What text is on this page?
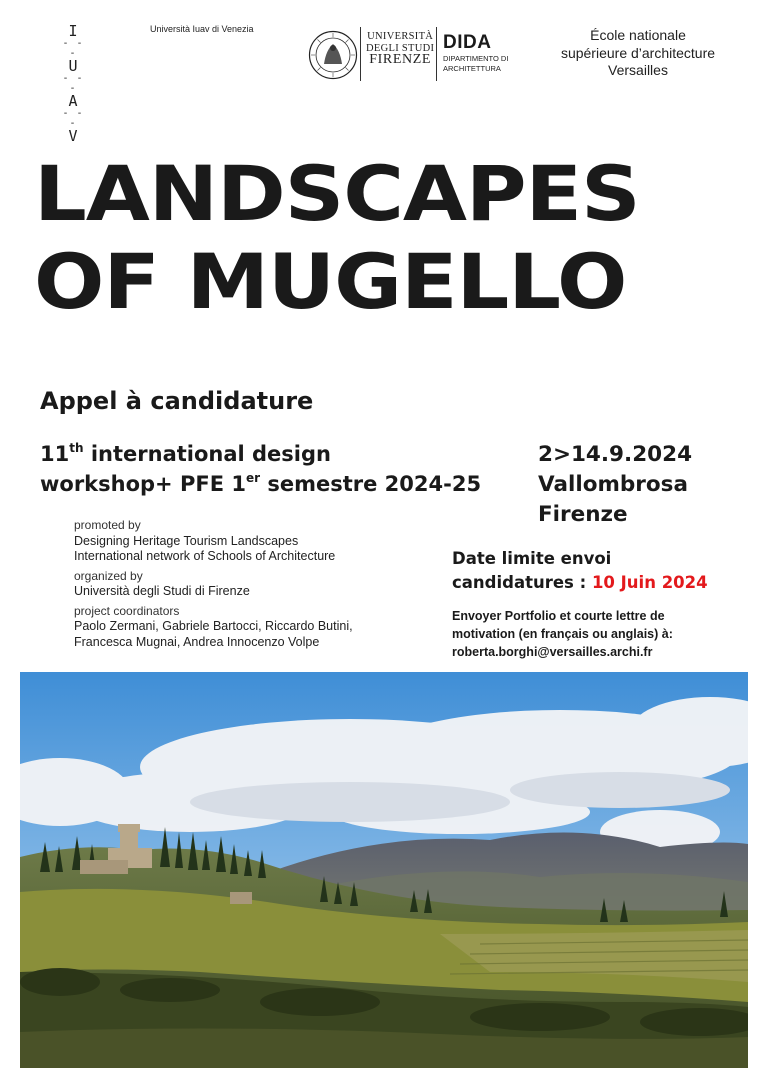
I
- - -
U
- - -
A
- - -
V
Università Iuav di Venezia
UNIVERSITÀ
DEGLI STUDI
FIRENZE
DIDA
DIPARTIMENTO DI
ARCHITETTURA
École nationale
supérieure d’architecture
Versailles
LANDSCAPES
OF MUGELLO
Appel à candidature
11th international design
workshop+ PFE 1er semestre 2024-25
2>14.9.2024
Vallombrosa
Firenze
promoted by
Designing Heritage Tourism Landscapes
International network of Schools of Architecture
organized by
Università degli Studi di Firenze
project coordinators
Paolo Zermani, Gabriele Bartocci, Riccardo Butini,
Francesca Mugnai, Andrea Innocenzo Volpe
Date limite envoi
candidatures : 10 Juin 2024
Envoyer Portfolio et courte lettre de
motivation (en français ou anglais) à:
roberta.borghi@versailles.archi.fr
